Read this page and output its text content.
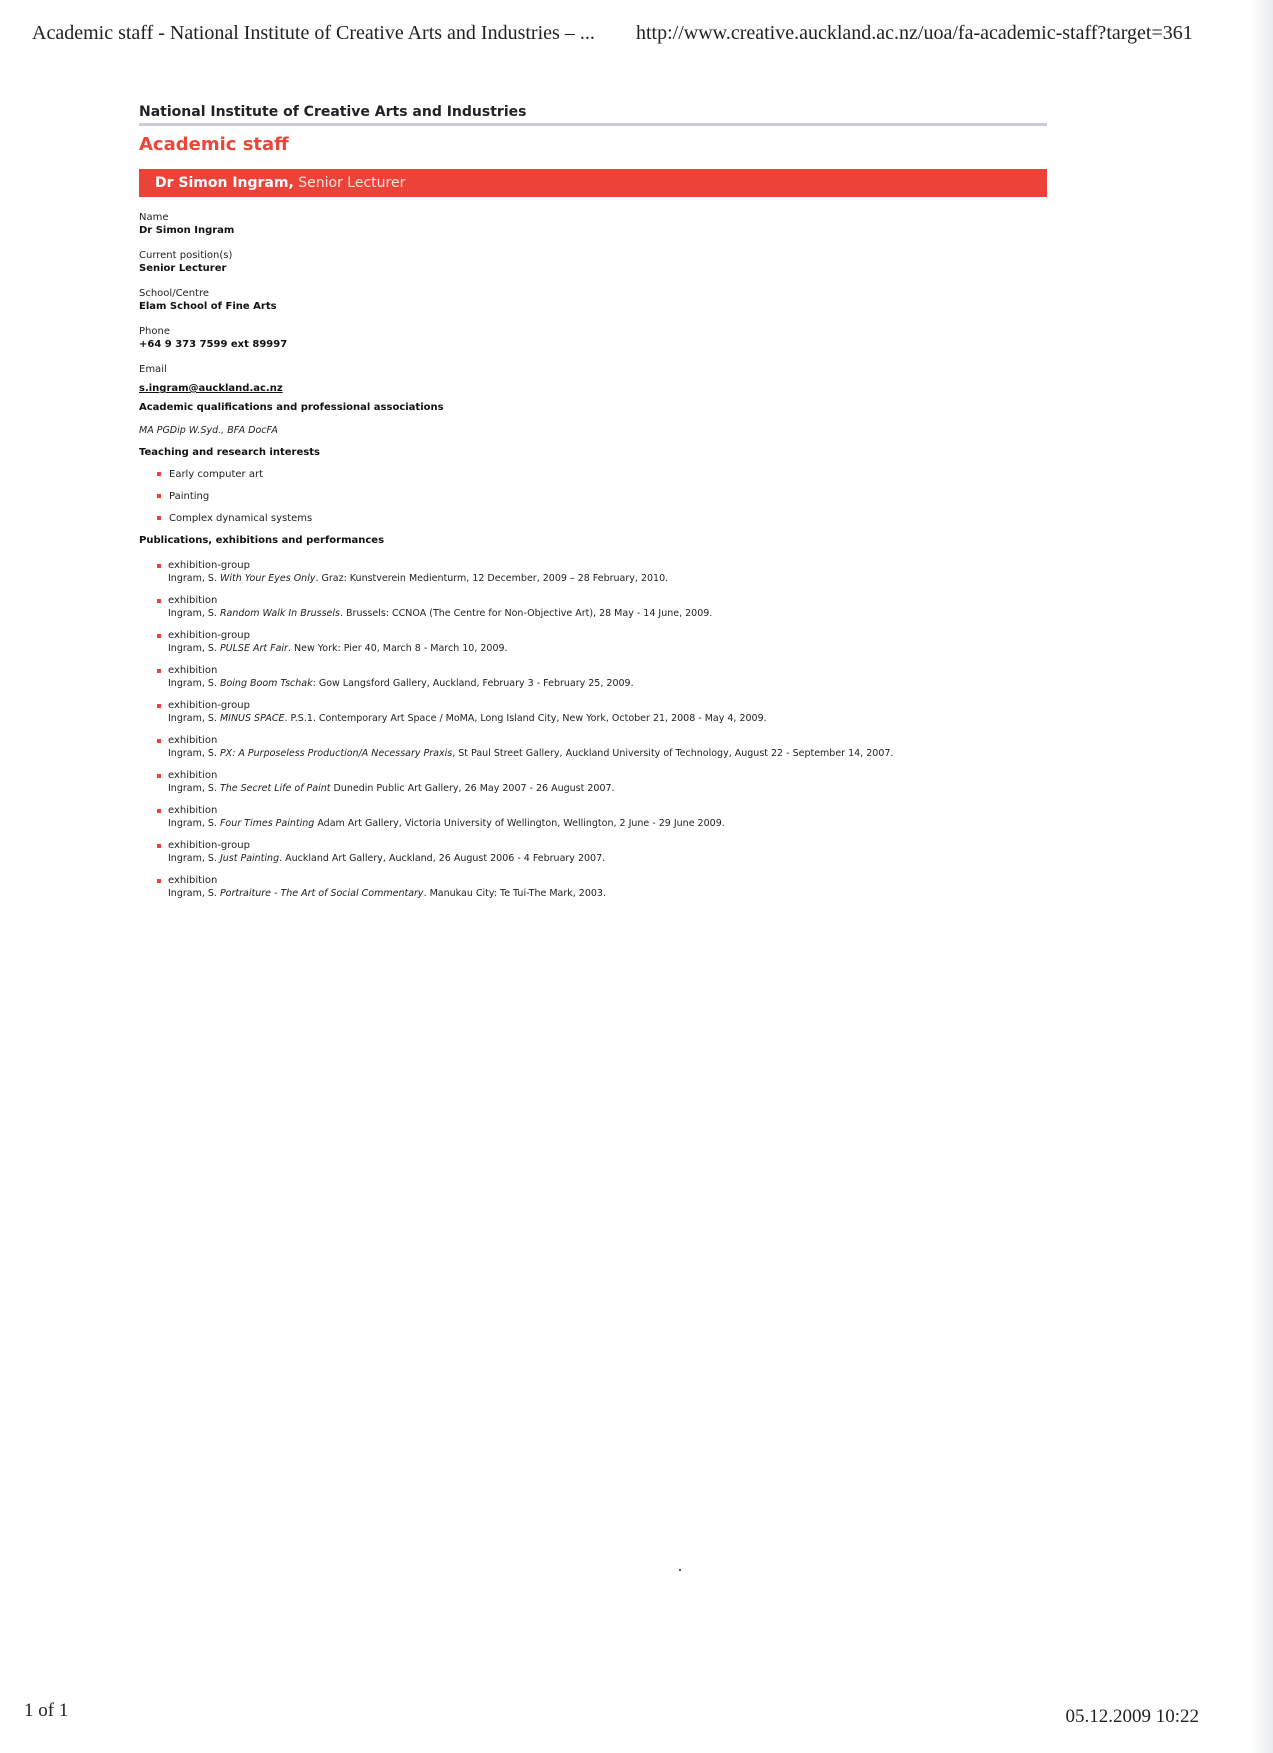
Academic staff - National Institute of Creative Arts and Industries – ... http://www.creative.auckland.ac.nz/uoa/fa-academic-staff?target=361
National Institute of Creative Arts and Industries
Academic staff
Dr Simon Ingram, Senior Lecturer
Name
Dr Simon Ingram
Current position(s)
Senior Lecturer
School/Centre
Elam School of Fine Arts
Phone
+64 9 373 7599 ext 89997
Email
s.ingram@auckland.ac.nz
Academic qualifications and professional associations
MA PGDip W.Syd., BFA DocFA
Teaching and research interests
Early computer art
Painting
Complex dynamical systems
Publications, exhibitions and performances
exhibition-group
Ingram, S. With Your Eyes Only. Graz: Kunstverein Medienturm, 12 December, 2009 – 28 February, 2010.
exhibition
Ingram, S. Random Walk In Brussels. Brussels: CCNOA (The Centre for Non-Objective Art), 28 May - 14 June, 2009.
exhibition-group
Ingram, S. PULSE Art Fair. New York: Pier 40, March 8 - March 10, 2009.
exhibition
Ingram, S. Boing Boom Tschak: Gow Langsford Gallery, Auckland, February 3 - February 25, 2009.
exhibition-group
Ingram, S. MINUS SPACE. P.S.1. Contemporary Art Space / MoMA, Long Island City, New York, October 21, 2008 - May 4, 2009.
exhibition
Ingram, S. PX: A Purposeless Production/A Necessary Praxis, St Paul Street Gallery, Auckland University of Technology, August 22 - September 14, 2007.
exhibition
Ingram, S. The Secret Life of Paint Dunedin Public Art Gallery, 26 May 2007 - 26 August 2007.
exhibition
Ingram, S. Four Times Painting Adam Art Gallery, Victoria University of Wellington, Wellington, 2 June - 29 June 2009.
exhibition-group
Ingram, S. Just Painting. Auckland Art Gallery, Auckland, 26 August 2006 - 4 February 2007.
exhibition
Ingram, S. Portraiture - The Art of Social Commentary. Manukau City: Te Tui-The Mark, 2003.
1 of 1	05.12.2009 10:22
